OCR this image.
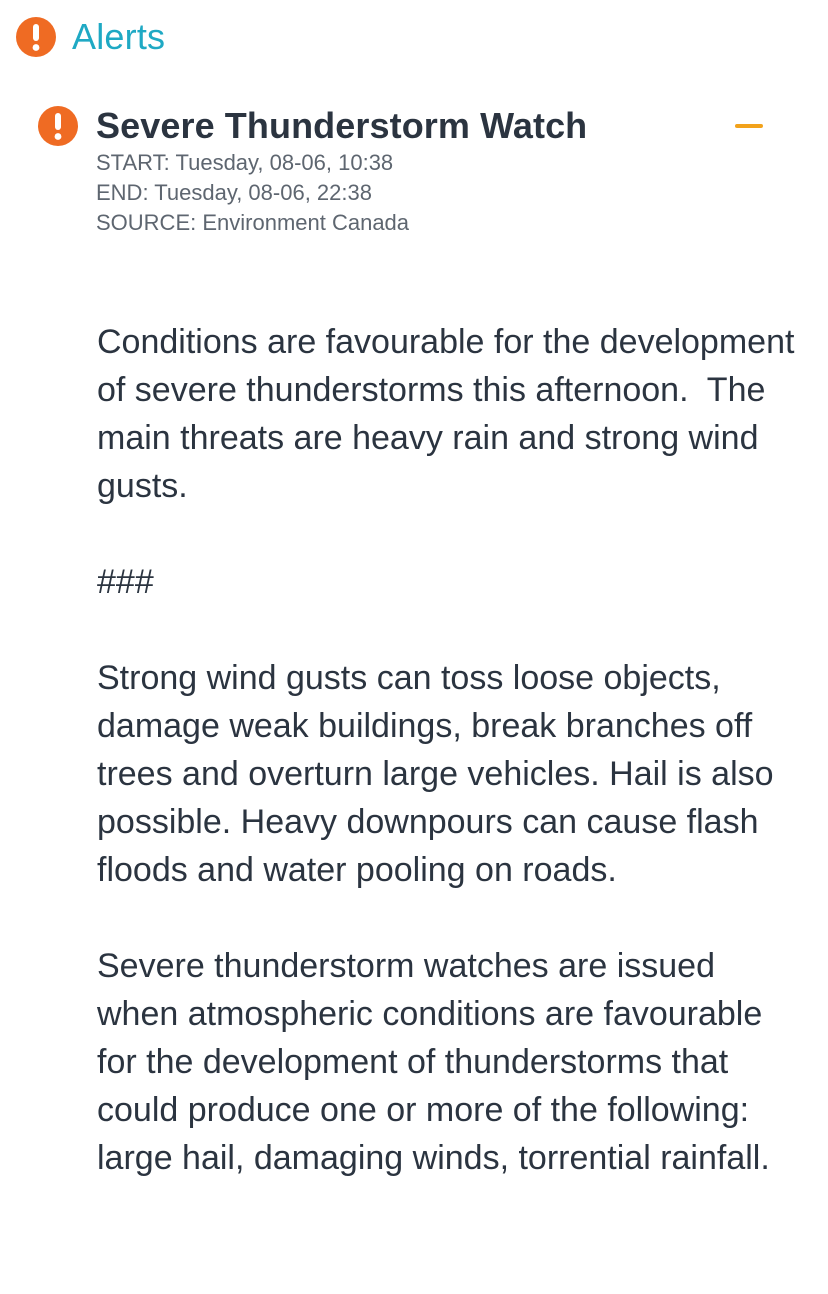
Alerts
Severe Thunderstorm Watch
START: Tuesday, 08-06, 10:38
END: Tuesday, 08-06, 22:38
SOURCE: Environment Canada

Conditions are favourable for the development of severe thunderstorms this afternoon.  The main threats are heavy rain and strong wind gusts.

###

Strong wind gusts can toss loose objects, damage weak buildings, break branches off trees and overturn large vehicles. Hail is also possible. Heavy downpours can cause flash floods and water pooling on roads.

Severe thunderstorm watches are issued when atmospheric conditions are favourable for the development of thunderstorms that could produce one or more of the following: large hail, damaging winds, torrential rainfall.
